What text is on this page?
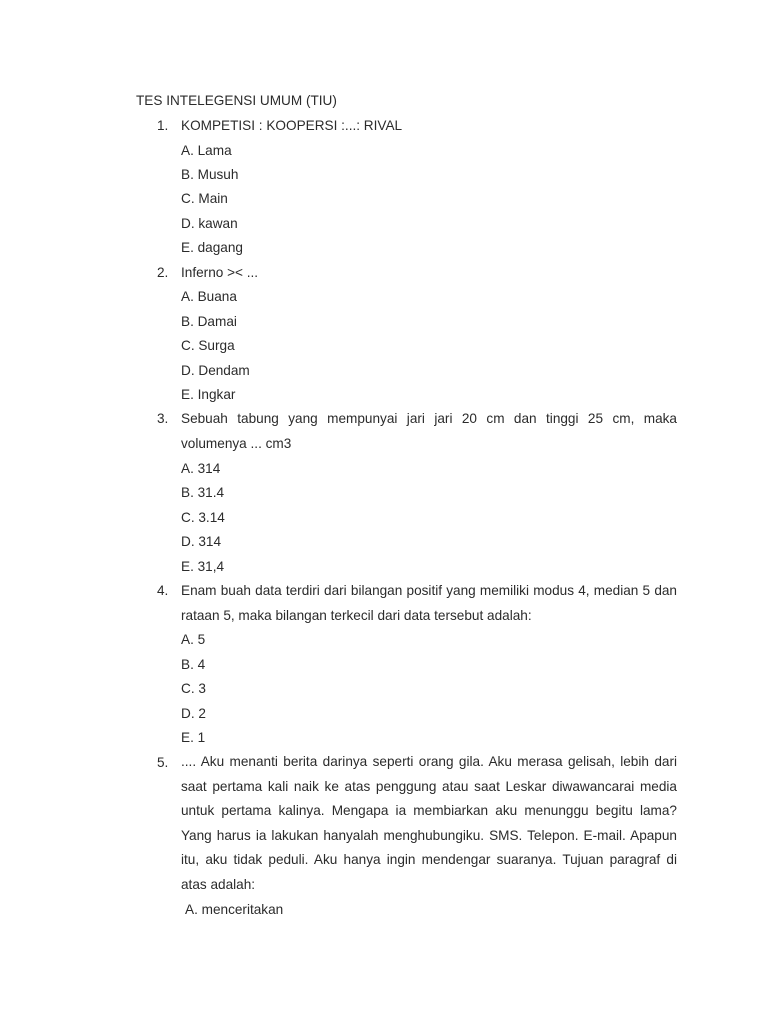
TES INTELEGENSI UMUM (TIU)
1. KOMPETISI : KOOPERSI :...: RIVAL
A. Lama
B. Musuh
C. Main
D. kawan
E. dagang
2. Inferno >< ...
A. Buana
B. Damai
C. Surga
D. Dendam
E. Ingkar
3. Sebuah tabung yang mempunyai jari jari 20 cm dan tinggi 25 cm, maka volumenya ... cm3
A. 314
B. 31.4
C. 3.14
D. 314
E. 31,4
4. Enam buah data terdiri dari bilangan positif yang memiliki modus 4, median 5 dan rataan 5, maka bilangan terkecil dari data tersebut adalah:
A. 5
B. 4
C. 3
D. 2
E. 1
5. .... Aku menanti berita darinya seperti orang gila. Aku merasa gelisah, lebih dari saat pertama kali naik ke atas penggung atau saat Leskar diwawancarai media untuk pertama kalinya. Mengapa ia membiarkan aku menunggu begitu lama? Yang harus ia lakukan hanyalah menghubungiku. SMS. Telepon. E-mail. Apapun itu, aku tidak peduli. Aku hanya ingin mendengar suaranya. Tujuan paragraf di atas adalah:
A. menceritakan
